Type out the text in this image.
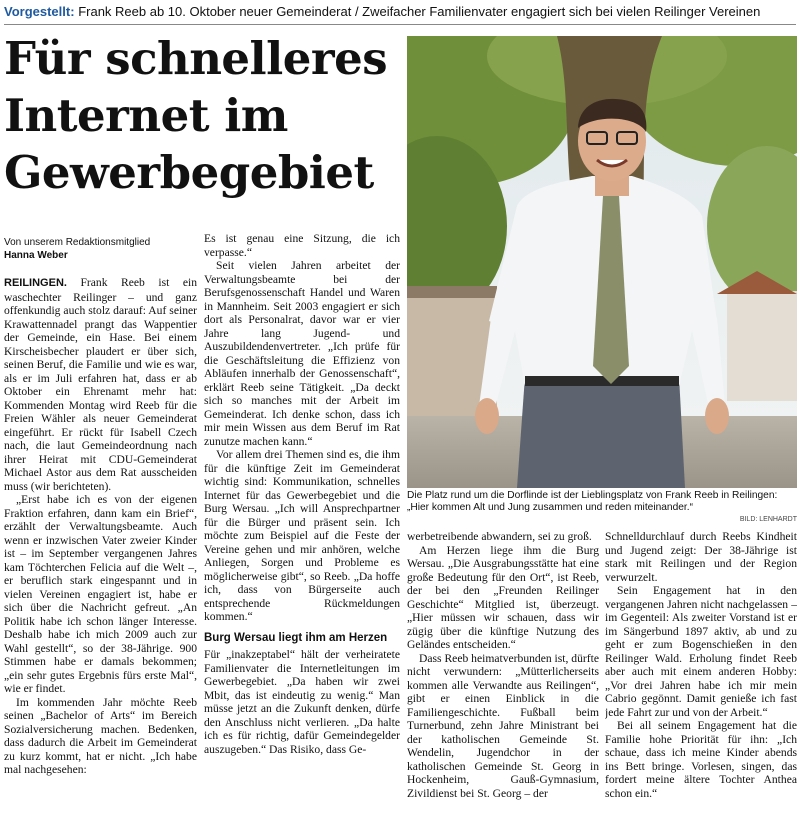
Vorgestellt: Frank Reeb ab 10. Oktober neuer Gemeinderat / Zweifacher Familienvater engagiert sich bei vielen Reilinger Vereinen
Für schnelleres
Internet im
Gewerbegebiet
Die Platz rund um die Dorflinde ist der Lieblingsplatz von Frank Reeb in Reilingen: „Hier kommen Alt und Jung zusammen und reden miteinander.“
BILD: LENHARDT
Von unserem Redaktionsmitglied
Hanna Weber

REILINGEN. Frank Reeb ist ein waschechter Reilinger – und ganz offenkundig auch stolz darauf: Auf seiner Krawattennadel prangt das Wappentier der Gemeinde, ein Hase. Bei einem Kirscheisbecher plaudert er über sich, seinen Beruf, die Familie und wie es war, als er im Juli erfahren hat, dass er ab Oktober ein Ehrenamt mehr hat: Kommenden Montag wird Reeb für die Freien Wähler als neuer Gemeinderat eingeführt. Er rückt für Isabell Czech nach, die laut Gemeindeordnung nach ihrer Heirat mit CDU-Gemeinderat Michael Astor aus dem Rat ausscheiden muss (wir berichteten).

„Erst habe ich es von der eigenen Fraktion erfahren, dann kam ein Brief“, erzählt der Verwaltungsbeamte. Auch wenn er inzwischen Vater zweier Kinder ist – im September vergangenen Jahres kam Töchterchen Felicia auf die Welt –, er beruflich stark eingespannt und in vielen Vereinen engagiert ist, habe er sich über die Nachricht gefreut. „An Politik habe ich schon länger Interesse. Deshalb habe ich mich 2009 auch zur Wahl gestellt“, so der 38-Jährige. 900 Stimmen habe er damals bekommen; „ein sehr gutes Ergebnis fürs erste Mal“, wie er findet.

Im kommenden Jahr möchte Reeb seinen „Bachelor of Arts“ im Bereich Sozialversicherung machen. Bedenken, dass dadurch die Arbeit im Gemeinderat zu kurz kommt, hat er nicht. „Ich habe mal nachgesehen:

Es ist genau eine Sitzung, die ich verpasse.“

Seit vielen Jahren arbeitet der Verwaltungsbeamte bei der Berufsgenossenschaft Handel und Waren in Mannheim. Seit 2003 engagiert er sich dort als Personalrat, davor war er vier Jahre lang Jugend- und Auszubildendenvertreter. „Ich prüfe für die Geschäftsleitung die Effizienz von Abläufen innerhalb der Genossenschaft“, erklärt Reeb seine Tätigkeit. „Da deckt sich so manches mit der Arbeit im Gemeinderat. Ich denke schon, dass ich mir mein Wissen aus dem Beruf im Rat zunutze machen kann.“

Vor allem drei Themen sind es, die ihm für die künftige Zeit im Gemeinderat wichtig sind: Kommunikation, schnelles Internet für das Gewerbegebiet und die Burg Wersau. „Ich will Ansprechpartner für die Bürger und präsent sein. Ich möchte zum Beispiel auf die Feste der Vereine gehen und mir anhören, welche Anliegen, Sorgen und Probleme es möglicherweise gibt“, so Reeb. „Da hoffe ich, dass von Bürgerseite auch entsprechende Rückmeldungen kommen.“

Burg Wersau liegt ihm am Herzen

Für „inakzeptabel“ hält der verheiratete Familienvater die Internetleitungen im Gewerbegebiet. „Da haben wir zwei Mbit, das ist eindeutig zu wenig.“ Man müsse jetzt an die Zukunft denken, dürfe den Anschluss nicht verlieren. „Da halte ich es für richtig, dafür Gemeindegelder auszugeben.“ Das Risiko, dass Ge-

werbetreibende abwandern, sei zu groß.

Am Herzen liege ihm die Burg Wersau. „Die Ausgrabungsstätte hat eine große Bedeutung für den Ort“, ist Reeb, der bei den „Freunden Reilinger Geschichte“ Mitglied ist, überzeugt. „Hier müssen wir schauen, dass wir zügig über die künftige Nutzung des Geländes entscheiden.“

Dass Reeb heimatverbunden ist, dürfte nicht verwundern: „Mütterlicherseits kommen alle Verwandte aus Reilingen“, gibt er einen Einblick in die Familiengeschichte. Fußball beim Turnerbund, zehn Jahre Ministrant bei der katholischen Gemeinde St. Wendelin, Jugendchor in der katholischen Gemeinde St. Georg in Hockenheim, Gauß-Gymnasium, Zivildienst bei St. Georg – der

Schnelldurchlauf durch Reebs Kindheit und Jugend zeigt: Der 38-Jährige ist stark mit Reilingen und der Region verwurzelt.

Sein Engagement hat in den vergangenen Jahren nicht nachgelassen – im Gegenteil: Als zweiter Vorstand ist er im Sängerbund 1897 aktiv, ab und zu geht er zum Bogenschießen in den Reilinger Wald. Erholung findet Reeb aber auch mit einem anderen Hobby: „Vor drei Jahren habe ich mir mein Cabrio gegönnt. Damit genieße ich fast jede Fahrt zur und von der Arbeit.“

Bei all seinem Engagement hat die Familie hohe Priorität für ihn: „Ich schaue, dass ich meine Kinder abends ins Bett bringe. Vorlesen, singen, das fordert meine ältere Tochter Anthea schon ein.“
